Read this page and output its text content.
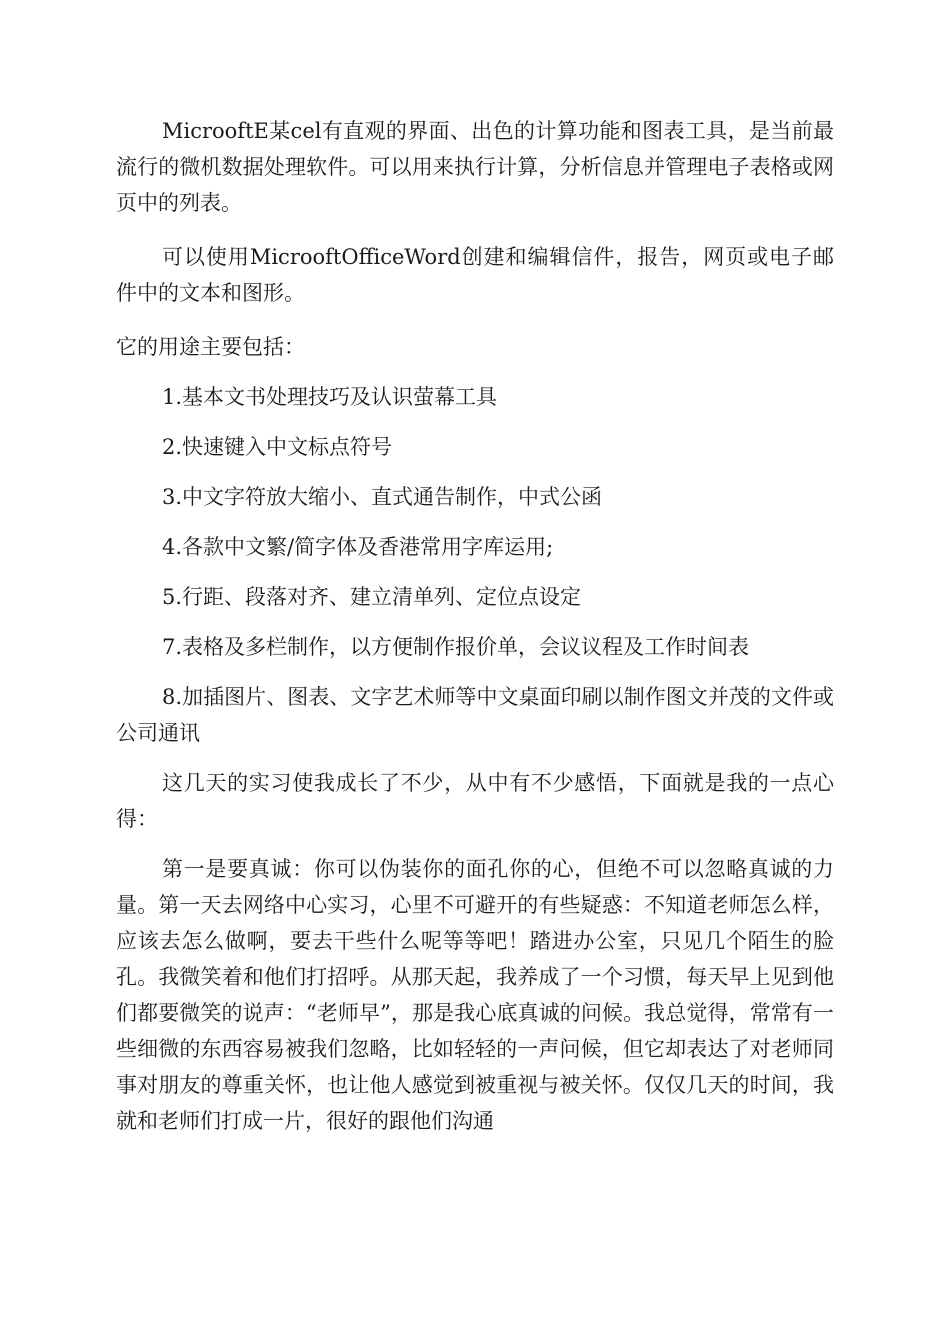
MicrooftE某cel有直观的界面、出色的计算功能和图表工具，是当前最流行的微机数据处理软件。可以用来执行计算，分析信息并管理电子表格或网页中的列表。

可以使用MicrooftOfficeWord创建和编辑信件，报告，网页或电子邮件中的文本和图形。

它的用途主要包括：

1.基本文书处理技巧及认识萤幕工具

2.快速键入中文标点符号

3.中文字符放大缩小、直式通告制作，中式公函

4.各款中文繁/简字体及香港常用字库运用;

5.行距、段落对齐、建立清单列、定位点设定

7.表格及多栏制作，以方便制作报价单，会议议程及工作时间表

8.加插图片、图表、文字艺术师等中文桌面印刷以制作图文并茂的文件或公司通讯

这几天的实习使我成长了不少，从中有不少感悟，下面就是我的一点心得：

第一是要真诚：你可以伪装你的面孔你的心，但绝不可以忽略真诚的力量。第一天去网络中心实习，心里不可避开的有些疑惑：不知道老师怎么样，应该去怎么做啊，要去干些什么呢等等吧！踏进办公室，只见几个陌生的脸孔。我微笑着和他们打招呼。从那天起，我养成了一个习惯，每天早上见到他们都要微笑的说声：“老师早”，那是我心底真诚的问候。我总觉得，常常有一些细微的东西容易被我们忽略，比如轻轻的一声问候，但它却表达了对老师同事对朋友的尊重关怀，也让他人感觉到被重视与被关怀。仅仅几天的时间，我就和老师们打成一片，很好的跟他们沟通
